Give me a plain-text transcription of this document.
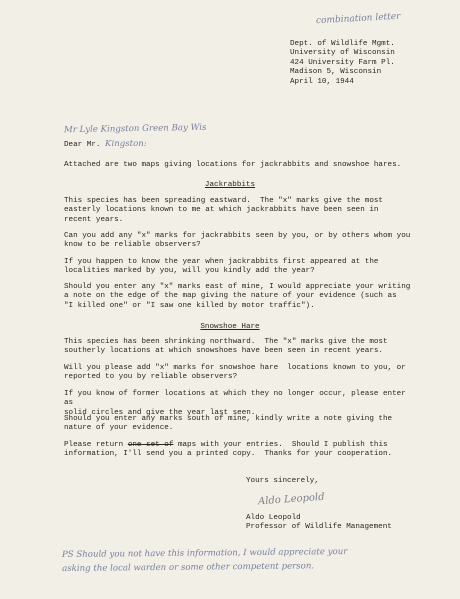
combination letter
Dept. of Wildlife Mgmt.
University of Wisconsin
424 University Farm Pl.
Madison 5, Wisconsin
April 10, 1944
Mr Lyle Kingston Green Bay Wis
Dear Mr. Kingston:
Attached are two maps giving locations for jackrabbits and snowshoe hares.
Jackrabbits
This species has been spreading eastward.  The "x" marks give the most
easterly locations known to me at which jackrabbits have been seen in
recent years.
Can you add any "x" marks for jackrabbits seen by you, or by others whom you
know to be reliable observers?
If you happen to know the year when jackrabbits first appeared at the
localities marked by you, will you kindly add the year?
Should you enter any "x" marks east of mine, I would appreciate your writing
a note on the edge of the map giving the nature of your evidence (such as
"I killed one" or "I saw one killed by motor traffic").
Snowshoe Hare
This species has been shrinking northward.  The "x" marks give the most
southerly locations at which snowshoes have been seen in recent years.
Will you please add "x" marks for snowshoe hare  locations known to you, or
reported to you by reliable observers?
If you know of former locations at which they no longer occur, please enter as
solid circles and give the year last seen.
Should you enter any marks south of mine, kindly write a note giving the
nature of your evidence.
Please return one set of maps with your entries.  Should I publish this
information, I'll send you a printed copy.  Thanks for your cooperation.
Yours sincerely,
Aldo Leopold
Aldo Leopold
Professor of Wildlife Management
PS Should you not have this information, I would appreciate your
asking the local warden or some other competent person.
